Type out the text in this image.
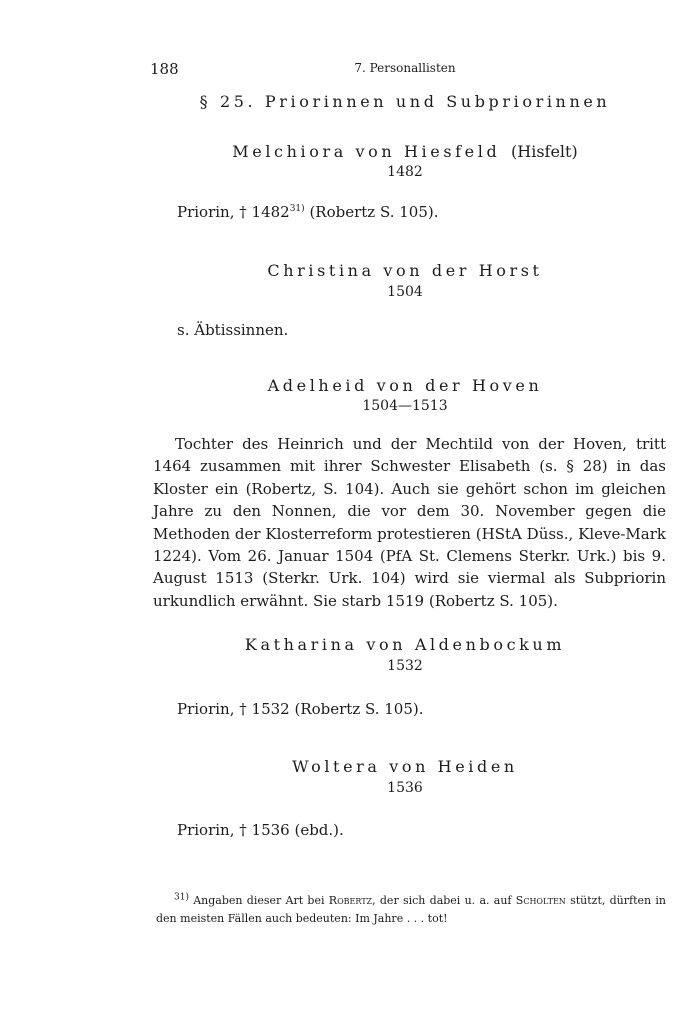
188	7. Personallisten
§ 25. Priorinnen und Subpriorinnen
Melchiora von Hiesfeld (Hisfelt)
1482
Priorin, † 1482$^{31)}$ (Robertz S. 105).
Christina von der Horst
1504
s. Äbtissinnen.
Adelheid von der Hoven
1504—1513

Tochter des Heinrich und der Mechtild von der Hoven, tritt 1464 zusammen mit ihrer Schwester Elisabeth (s. § 28) in das Kloster ein (Robertz, S. 104). Auch sie gehört schon im gleichen Jahre zu den Nonnen, die vor dem 30. November gegen die Methoden der Klosterreform protestieren (HStA Düss., Kleve-Mark 1224). Vom 26. Januar 1504 (PfA St. Clemens Sterkr. Urk.) bis 9. August 1513 (Sterkr. Urk. 104) wird sie viermal als Subpriorin urkundlich erwähnt. Sie starb 1519 (Robertz S. 105).

Katharina von Aldenbockum
1532
Priorin, † 1532 (Robertz S. 105).
Woltera von Heiden
1536
Priorin, † 1536 (ebd.).

$^{31)}$ Angaben dieser Art bei Robertz, der sich dabei u. a. auf Scholten stützt, dürften in den meisten Fällen auch bedeuten: Im Jahre . . . tot!
